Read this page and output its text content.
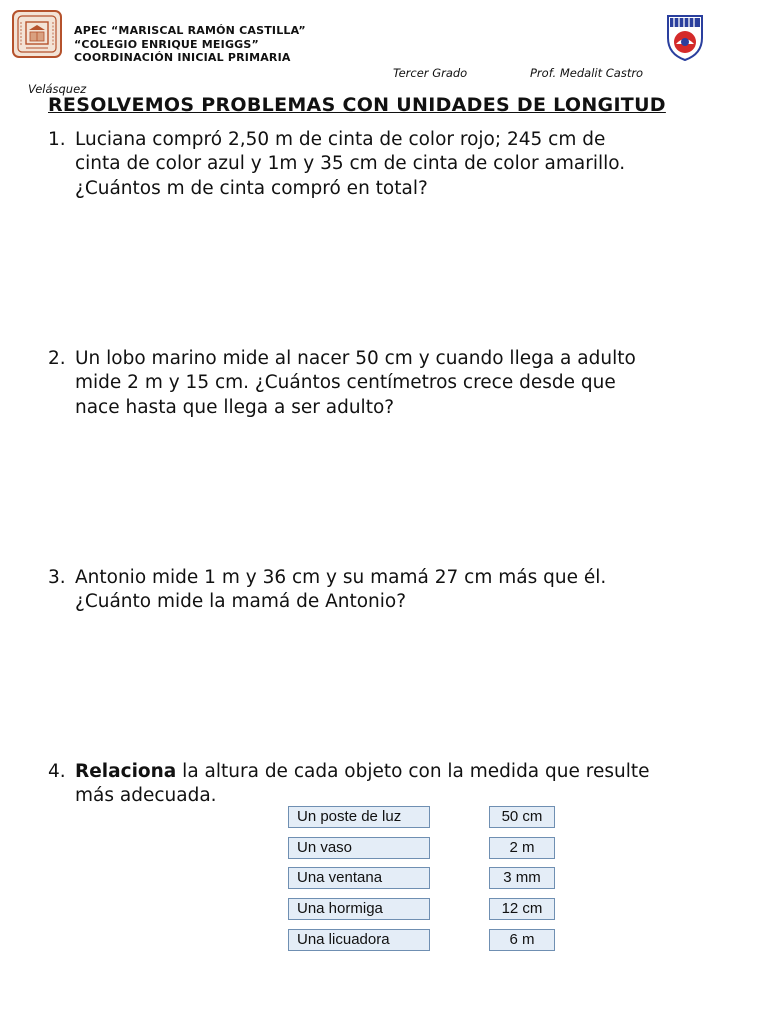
APEC “MARISCAL RAMÓN CASTILLA”
“COLEGIO ENRIQUE MEIGGS”
COORDINACIÓN INICIAL PRIMARIA
Tercer Grado	Prof. Medalit Castro
Velásquez
RESOLVEMOS PROBLEMAS CON UNIDADES DE LONGITUD
1. Luciana compró 2,50 m de cinta de color rojo; 245 cm de
cinta de color azul y 1m y 35 cm de cinta de color amarillo.
¿Cuántos m de cinta compró en total?
2. Un lobo marino mide al nacer 50 cm y cuando llega a adulto
mide 2 m y 15 cm. ¿Cuántos centímetros crece desde que
nace hasta que llega a ser adulto?
3. Antonio mide 1 m y 36 cm y su mamá 27 cm más que él.
¿Cuánto mide la mamá de Antonio?
4. Relaciona la altura de cada objeto con la medida que resulte
más adecuada.
Un poste de luz
Un vaso
Una ventana
Una hormiga
Una licuadora
50 cm
2 m
3 mm
12 cm
6 m
